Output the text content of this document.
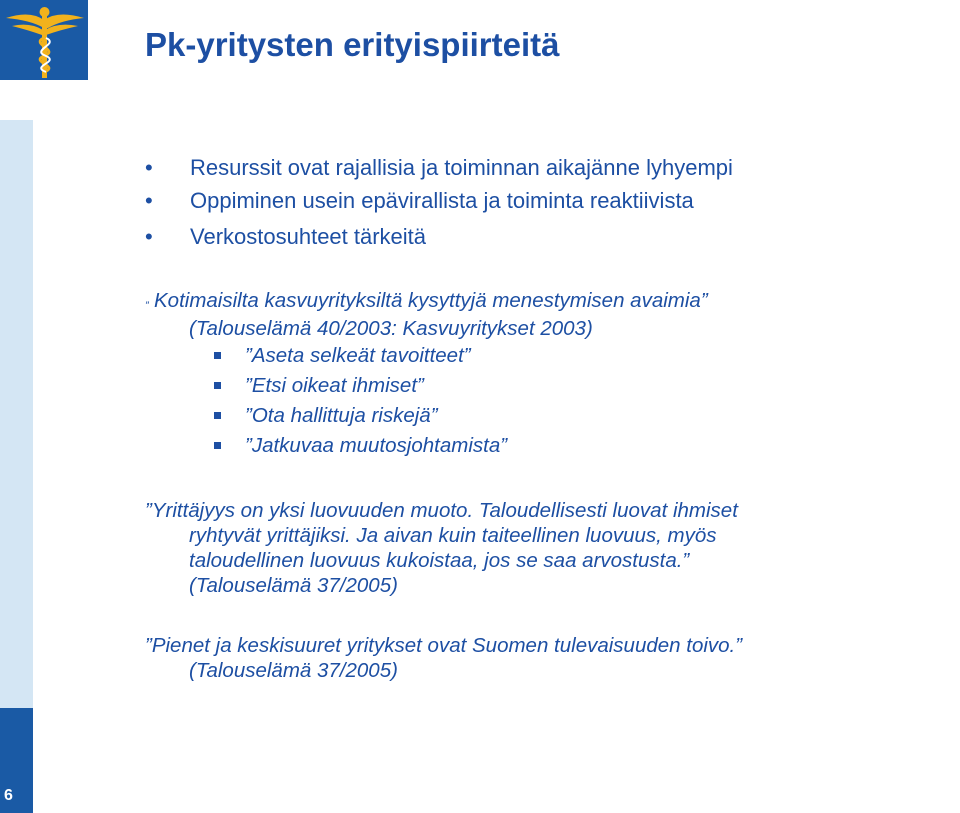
Pk-yritysten erityispiirteitä
6
• Resurssit ovat rajallisia ja toiminnan aikajänne lyhyempi
• Oppiminen usein epävirallista ja toiminta reaktiivista
• Verkostosuhteet tärkeitä
” Kotimaisilta kasvuyrityksiltä kysyttyjä menestymisen avaimia”
(Talouselämä 40/2003: Kasvuyritykset 2003)
”Aseta selkeät tavoitteet”
”Etsi oikeat ihmiset”
”Ota hallittuja riskejä”
”Jatkuvaa muutosjohtamista”
”Yrittäjyys on yksi luovuuden muoto. Taloudellisesti luovat ihmiset
ryhtyvät yrittäjiksi. Ja aivan kuin taiteellinen luovuus, myös
taloudellinen luovuus kukoistaa, jos se saa arvostusta.”
(Talouselämä 37/2005)
”Pienet ja keskisuuret yritykset ovat Suomen tulevaisuuden toivo.”
(Talouselämä 37/2005)
